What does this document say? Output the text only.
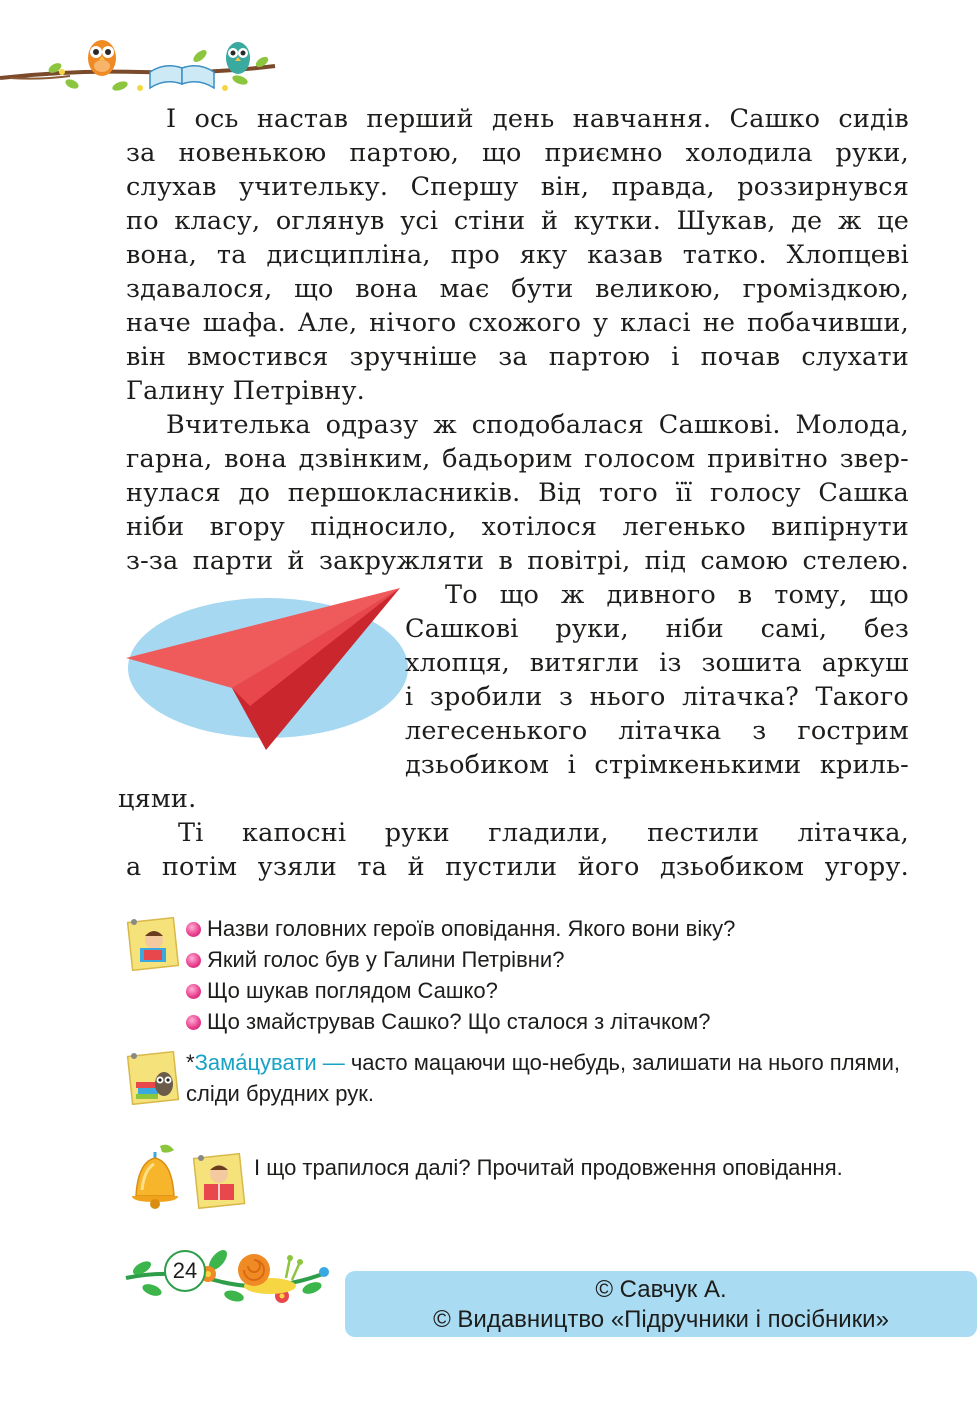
І ось настав перший день навчання. Сашко сидів
за новенькою партою, що приємно холодила руки,
слухав учительку. Спершу він, правда, роззирнувся
по класу, оглянув усі стіни й кутки. Шукав, де ж це
вона, та дисципліна, про яку казав татко. Хлопцеві
здавалося, що вона має бути великою, громіздкою,
наче шафа. Але, нічого схожого у класі не побачивши,
він вмостився зручніше за партою і почав слухати
Галину Петрівну.
Вчителька одразу ж сподобалася Сашкові. Молода,
гарна, вона дзвінким, бадьорим голосом привітно звер-
нулася до першокласників. Від того її голосу Сашка
ніби вгору підносило, хотілося легенько випірнути
з-за парти й закружляти в повітрі, під самою стелею.
То що ж дивного в тому, що
Сашкові руки, ніби самі, без
хлопця, витягли із зошита аркуш
і зробили з нього літачка? Такого
легесенького літачка з гострим
дзьобиком і стрімкенькими криль-
цями.
Ті капосні руки гладили, пестили літачка,
а потім узяли та й пустили його дзьобиком угору.
Назви головних героїв оповідання. Якого вони віку?
Який голос був у Галини Петрівни?
Що шукав поглядом Сашко?
Що змайстрував Сашко? Що сталося з літачком?
*Зама́цувати — часто мацаючи що-небудь, залишати на нього плями, сліди брудних рук.
І що трапилося далі? Прочитай продовження оповідання.
24
© Савчук А.
© Видавництво «Підручники і посібники»
